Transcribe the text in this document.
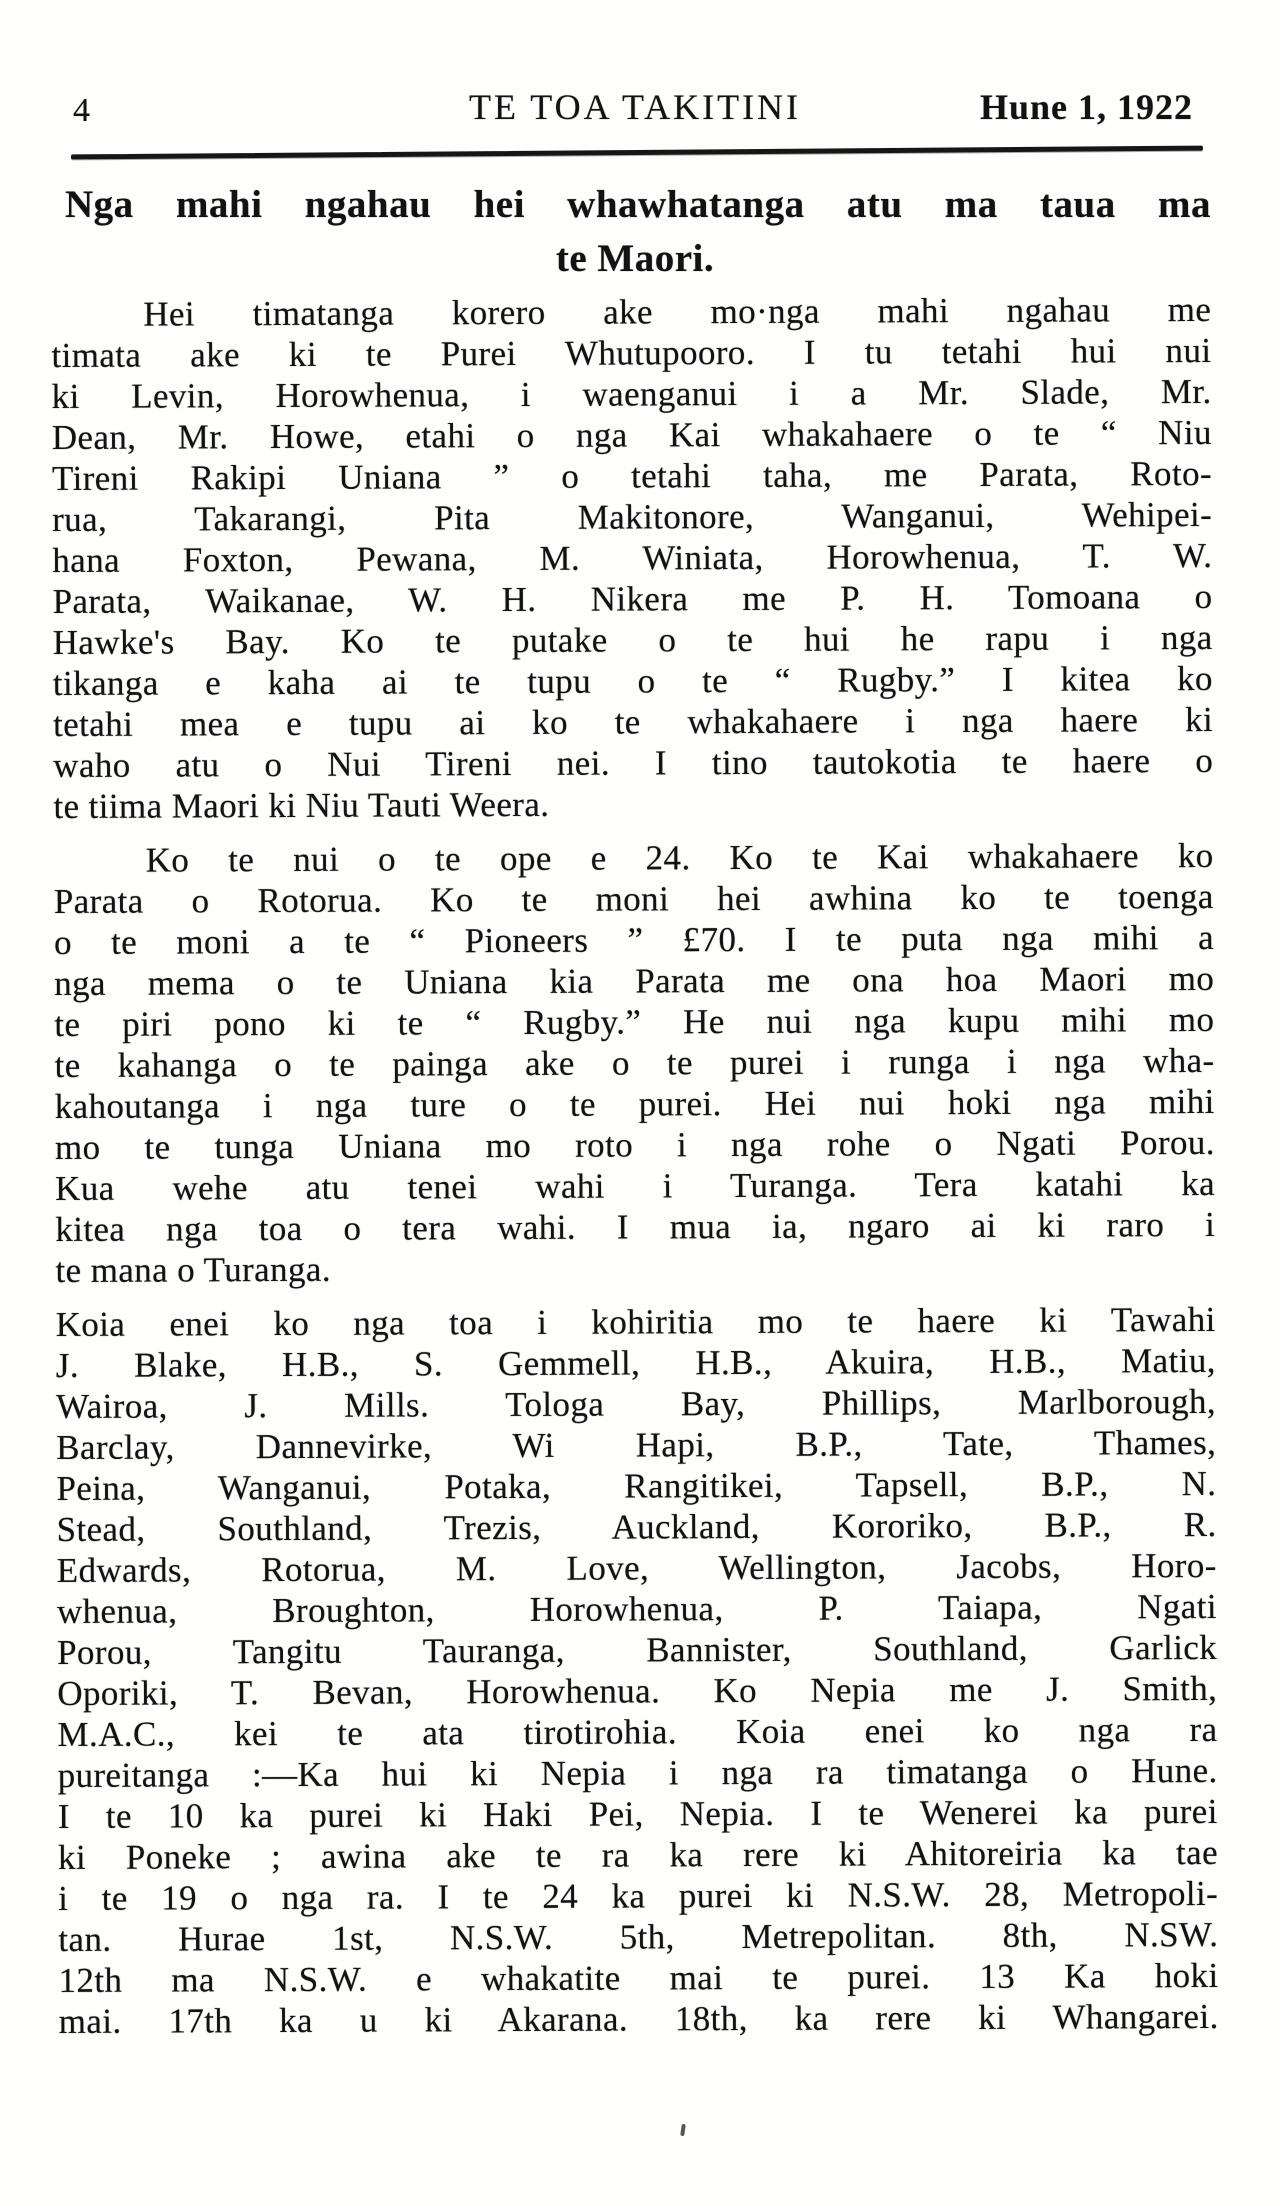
4	TE TOA TAKITINI	Hune 1, 1922
Nga mahi ngahau hei whawhatanga atu ma taua ma
te Maori.
Hei timatanga korero ake mo·nga mahi ngahau me
timata ake ki te Purei Whutupooro. I tu tetahi hui nui
ki Levin, Horowhenua, i waenganui i a Mr. Slade, Mr.
Dean, Mr. Howe, etahi o nga Kai whakahaere o te “ Niu
Tireni Rakipi Uniana ” o tetahi taha, me Parata, Roto-
rua, Takarangi, Pita Makitonore, Wanganui, Wehipei-
hana Foxton, Pewana, M. Winiata, Horowhenua, T. W.
Parata, Waikanae, W. H. Nikera me P. H. Tomoana o
Hawke's Bay. Ko te putake o te hui he rapu i nga
tikanga e kaha ai te tupu o te “ Rugby.” I kitea ko
tetahi mea e tupu ai ko te whakahaere i nga haere ki
waho atu o Nui Tireni nei. I tino tautokotia te haere o
te tiima Maori ki Niu Tauti Weera.
Ko te nui o te ope e 24. Ko te Kai whakahaere ko
Parata o Rotorua. Ko te moni hei awhina ko te toenga
o te moni a te “ Pioneers ” £70. I te puta nga mihi a
nga mema o te Uniana kia Parata me ona hoa Maori mo
te piri pono ki te “ Rugby.” He nui nga kupu mihi mo
te kahanga o te painga ake o te purei i runga i nga wha-
kahoutanga i nga ture o te purei. Hei nui hoki nga mihi
mo te tunga Uniana mo roto i nga rohe o Ngati Porou.
Kua wehe atu tenei wahi i Turanga. Tera katahi ka
kitea nga toa o tera wahi. I mua ia, ngaro ai ki raro i
te mana o Turanga.
Koia enei ko nga toa i kohiritia mo te haere ki Tawahi
J. Blake, H.B., S. Gemmell, H.B., Akuira, H.B., Matiu,
Wairoa, J. Mills. Tologa Bay, Phillips, Marlborough,
Barclay, Dannevirke, Wi Hapi, B.P., Tate, Thames,
Peina, Wanganui, Potaka, Rangitikei, Tapsell, B.P., N.
Stead, Southland, Trezis, Auckland, Kororiko, B.P., R.
Edwards, Rotorua, M. Love, Wellington, Jacobs, Horo-
whenua, Broughton, Horowhenua, P. Taiapa, Ngati
Porou, Tangitu Tauranga, Bannister, Southland, Garlick
Oporiki, T. Bevan, Horowhenua. Ko Nepia me J. Smith,
M.A.C., kei te ata tirotirohia. Koia enei ko nga ra
pureitanga :—Ka hui ki Nepia i nga ra timatanga o Hune.
I te 10 ka purei ki Haki Pei, Nepia. I te Wenerei ka purei
ki Poneke ; awina ake te ra ka rere ki Ahitoreiria ka tae
i te 19 o nga ra. I te 24 ka purei ki N.S.W. 28, Metropoli-
tan. Hurae 1st, N.S.W. 5th, Metrepolitan. 8th, N.SW.
12th ma N.S.W. e whakatite mai te purei. 13 Ka hoki
mai. 17th ka u ki Akarana. 18th, ka rere ki Whangarei.
